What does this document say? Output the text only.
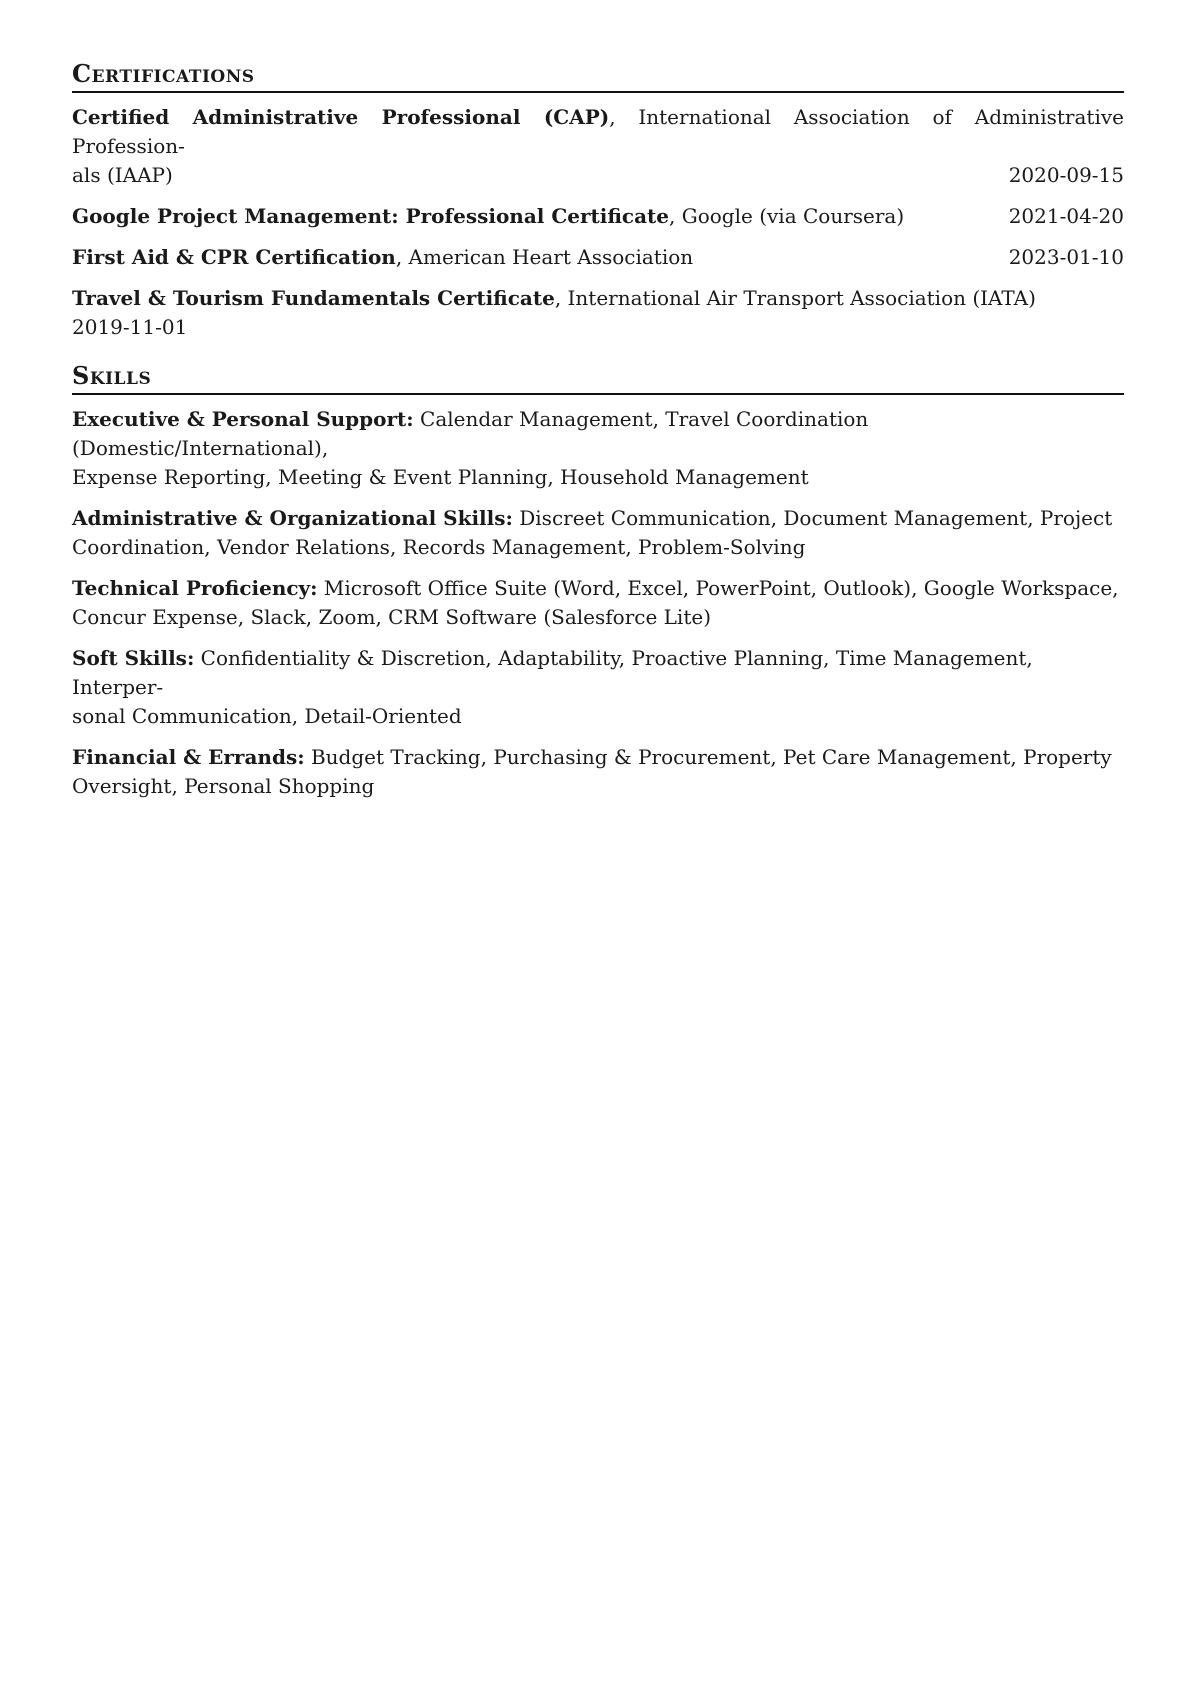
Certifications
Certified Administrative Professional (CAP), International Association of Administrative Profession-
als (IAAP)	2020-09-15
Google Project Management: Professional Certificate, Google (via Coursera)	2021-04-20
First Aid & CPR Certification, American Heart Association	2023-01-10
Travel & Tourism Fundamentals Certificate, International Air Transport Association (IATA)
2019-11-01
Skills
Executive & Personal Support: Calendar Management, Travel Coordination (Domestic/International),
Expense Reporting, Meeting & Event Planning, Household Management
Administrative & Organizational Skills: Discreet Communication, Document Management, Project
Coordination, Vendor Relations, Records Management, Problem-Solving
Technical Proficiency: Microsoft Office Suite (Word, Excel, PowerPoint, Outlook), Google Workspace,
Concur Expense, Slack, Zoom, CRM Software (Salesforce Lite)
Soft Skills: Confidentiality & Discretion, Adaptability, Proactive Planning, Time Management, Interper-
sonal Communication, Detail-Oriented
Financial & Errands: Budget Tracking, Purchasing & Procurement, Pet Care Management, Property
Oversight, Personal Shopping
